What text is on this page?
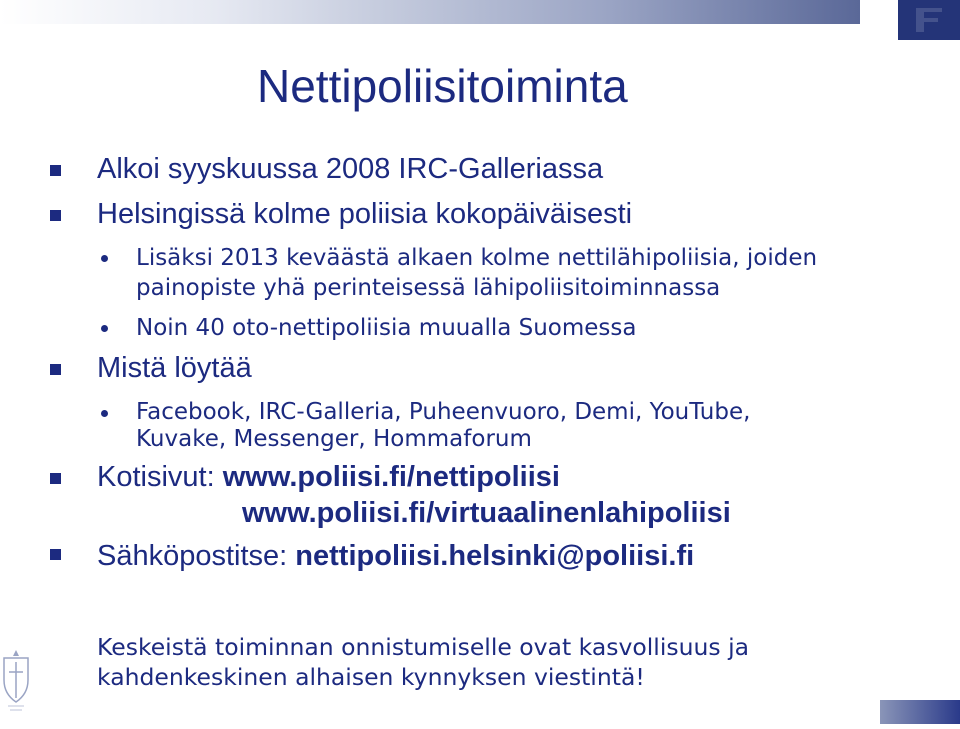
Nettipoliisitoiminta
Alkoi syyskuussa 2008 IRC-Galleriassa
Helsingissä kolme poliisia kokopäiväisesti
Lisäksi 2013 keväästä alkaen kolme nettilähipoliisia, joiden
painopiste yhä perinteisessä lähipoliisitoiminnassa
Noin 40 oto-nettipoliisia muualla Suomessa
Mistä löytää
Facebook, IRC-Galleria, Puheenvuoro, Demi, YouTube,
Kuvake, Messenger, Hommaforum
Kotisivut: www.poliisi.fi/nettipoliisi
www.poliisi.fi/virtuaalinenlahipoliisi
Sähköpostitse: nettipoliisi.helsinki@poliisi.fi
Keskeistä toiminnan onnistumiselle ovat kasvollisuus ja
kahdenkeskinen alhaisen kynnyksen viestintä!
